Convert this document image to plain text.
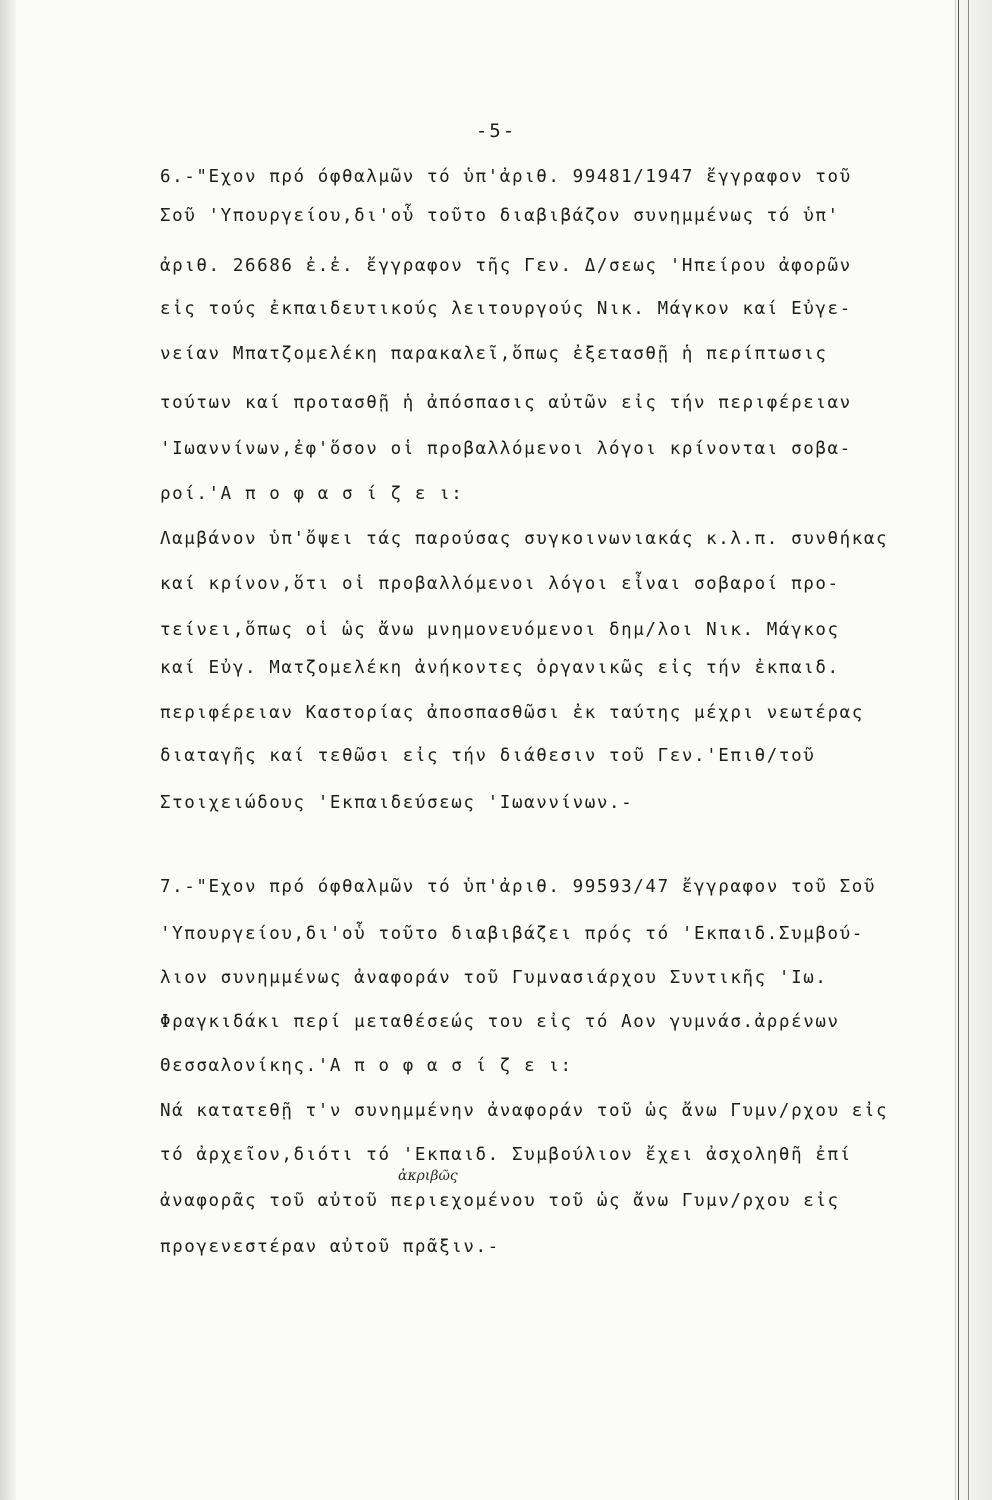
-5-
6.-"Εχον πρό όφθαλμῶν τό ὑπ'ἀριθ. 99481/1947 ἔγγραφον τοῦ
Σοῦ 'Υπουργείου,δι'οὗ τοῦτο διαβιβάζον συνημμένως τό ὑπ'
ἀριθ. 26686 ἐ.ἐ. ἔγγραφον τῆς Γεν. Δ/σεως 'Ηπείρου ἀφορῶν
εἰς τούς ἐκπαιδευτικούς λειτουργούς Νικ. Μάγκον καί Εὐγε-
νείαν Μπατζομελέκη παρακαλεῖ,ὅπως ἐξετασθῇ ἡ περίπτωσις
τούτων καί προτασθῇ ἡ ἀπόσπασις αὐτῶν εἰς τήν περιφέρειαν
'Ιωαννίνων,ἐφ'ὅσον οἱ προβαλλόμενοι λόγοι κρίνονται σοβα-
ροί.'Α π ο φ α σ ί ζ ε ι:
Λαμβάνον ὑπ'ὄψει τάς παρούσας συγκοινωνιακάς κ.λ.π. συνθήκας
καί κρίνον,ὅτι οἱ προβαλλόμενοι λόγοι εἶναι σοβαροί προ-
τείνει,ὅπως οἱ ὡς ἄνω μνημονευόμενοι δημ/λοι Νικ. Μάγκος
καί Εὐγ. Ματζομελέκη ἀνήκοντες ὀργανικῶς εἰς τήν ἐκπαιδ.
περιφέρειαν Καστορίας ἀποσπασθῶσι ἐκ ταύτης μέχρι νεωτέρας
διαταγῆς καί τεθῶσι εἰς τήν διάθεσιν τοῦ Γεν.'Επιθ/τοῦ
Στοιχειώδους 'Εκπαιδεύσεως 'Ιωαννίνων.-
7.-"Εχον πρό όφθαλμῶν τό ὑπ'ἀριθ. 99593/47 ἔγγραφον τοῦ Σοῦ
'Υπουργείου,δι'οὗ τοῦτο διαβιβάζει πρός τό 'Εκπαιδ.Συμβού-
λιον συνημμένως ἀναφοράν τοῦ Γυμνασιάρχου Συντικῆς 'Ιω.
Φραγκιδάκι περί μεταθέσεώς του εἰς τό Αον γυμνάσ.ἀρρένων
Θεσσαλονίκης.'Α π ο φ α σ ί ζ ε ι:
Νά κατατεθῇ τ'ν συνημμένην ἀναφοράν τοῦ ὡς ἄνω Γυμν/ρχου εἰς
τό ἀρχεῖον,διότι τό 'Εκπαιδ. Συμβούλιον ἔχει ἀσχοληθῆ ἐπί
ἀκριβῶς
ἀναφορᾶς τοῦ αὐτοῦ περιεχομένου τοῦ ὡς ἄνω Γυμν/ρχου εἰς
προγενεστέραν αὐτοῦ πρᾶξιν.-
